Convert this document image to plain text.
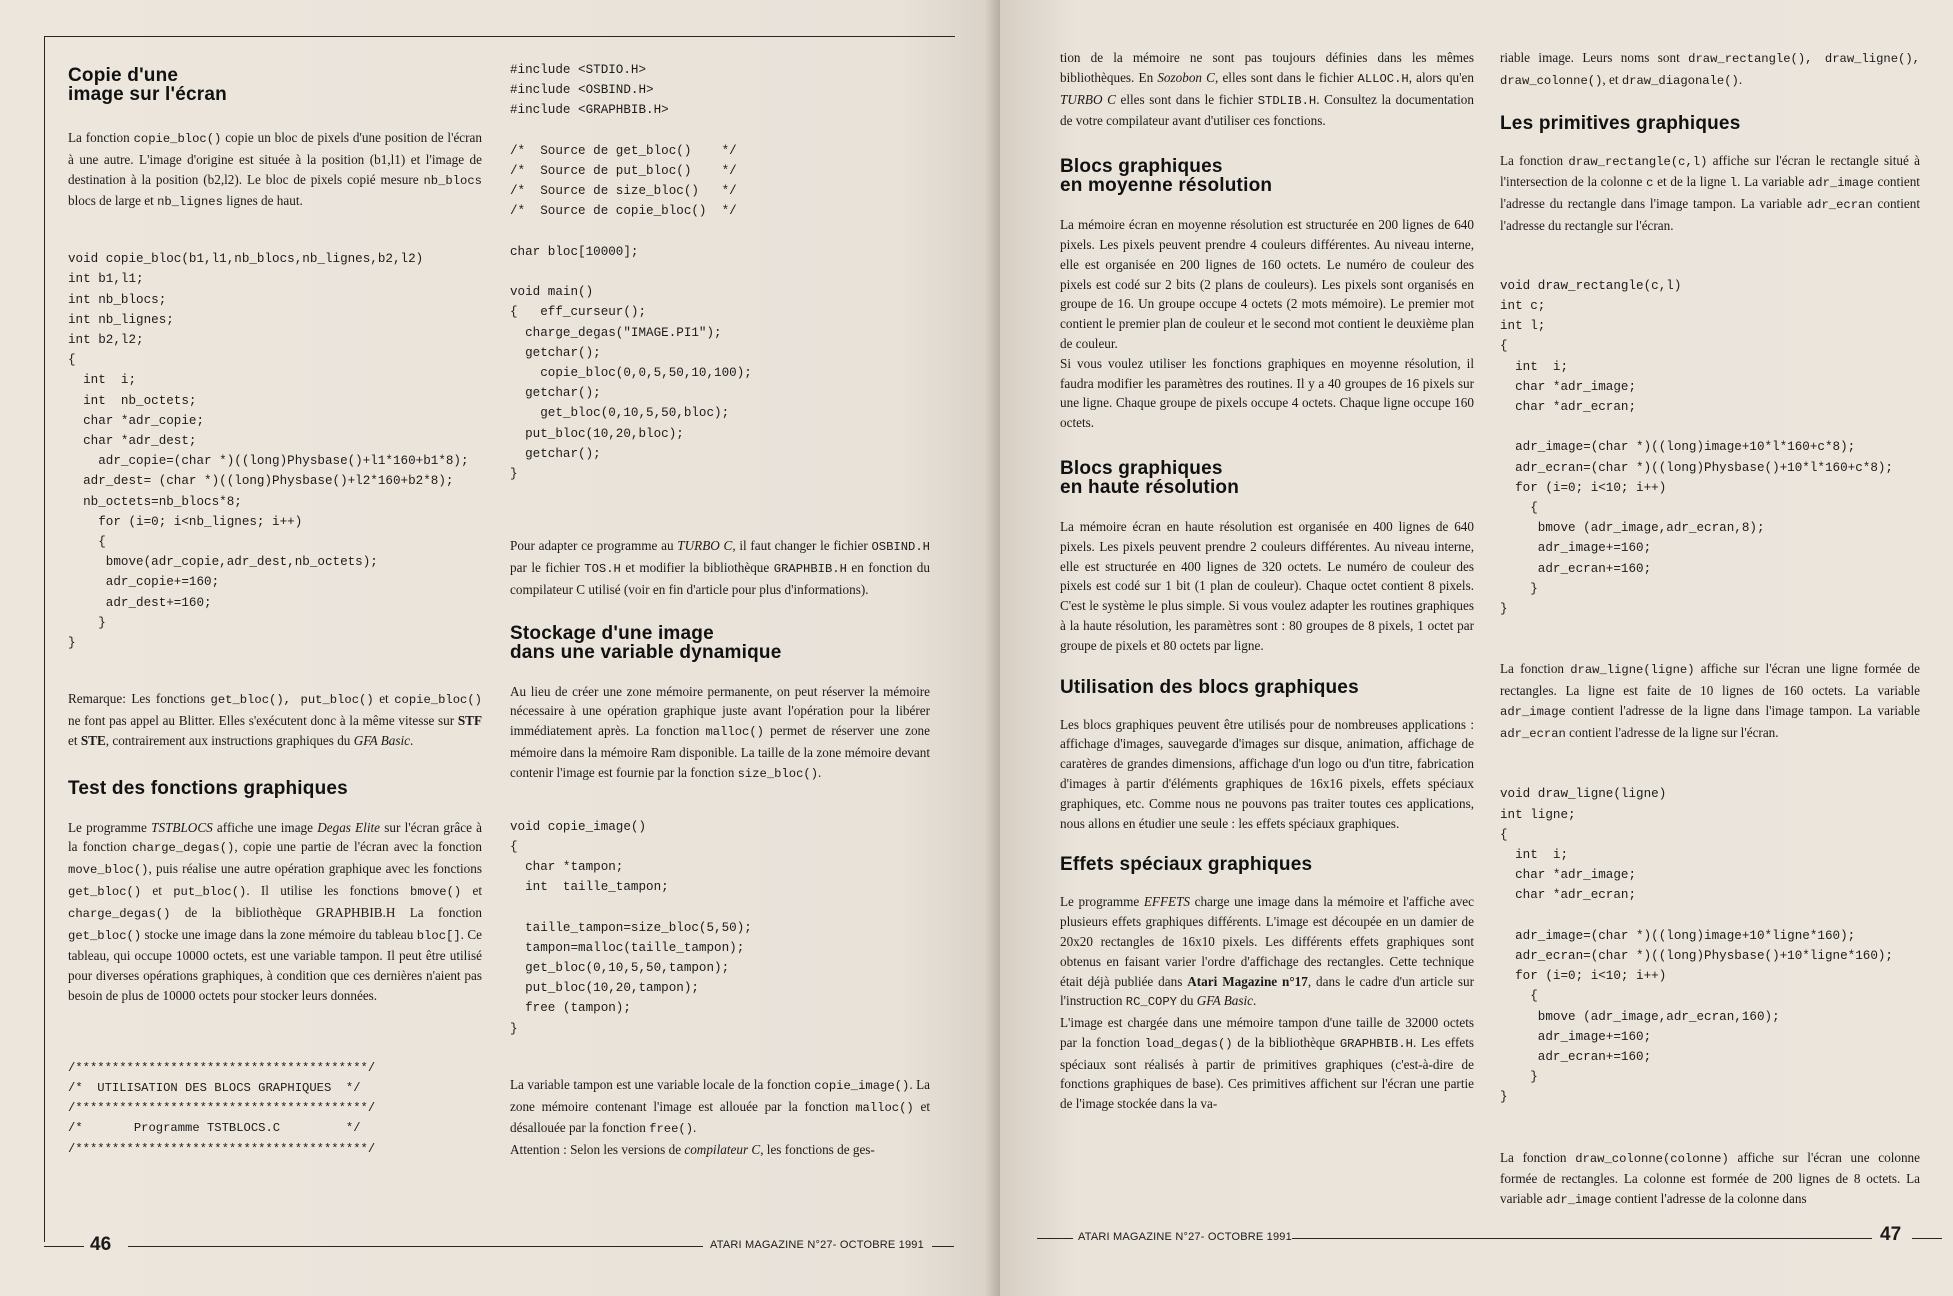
Copie d'une
image sur l'écran

La fonction copie_bloc() copie un bloc de pixels d'une position de l'écran à une autre. L'image d'origine est située à la position (b1,l1) et l'image de destination à la position (b2,l2). Le bloc de pixels copié mesure nb_blocs blocs de large et nb_lignes lignes de haut.

void copie_bloc(b1,l1,nb_blocs,nb_lignes,b2,l2)
int b1,l1;
int nb_blocs;
int nb_lignes;
int b2,l2;
{
int  i;
int  nb_octets;
char *adr_copie;
char *adr_dest;
adr_copie=(char *)((long)Physbase()+l1*160+b1*8);
adr_dest= (char *)((long)Physbase()+l2*160+b2*8);
nb_octets=nb_blocs*8;
for (i=0; i<nb_lignes; i++)
{
bmove(adr_copie,adr_dest,nb_octets);
adr_copie+=160;
adr_dest+=160;
}
}

Remarque: Les fonctions get_bloc(), put_bloc() et copie_bloc() ne font pas appel au Blitter. Elles s'exécutent donc à la même vitesse sur STF et STE, contrairement aux instructions graphiques du GFA Basic.

Test des fonctions graphiques

Le programme TSTBLOCS affiche une image Degas Elite sur l'écran grâce à la fonction charge_degas(), copie une partie de l'écran avec la fonction move_bloc(), puis réalise une autre opération graphique avec les fonctions get_bloc() et put_bloc(). Il utilise les fonctions bmove() et charge_degas() de la bibliothèque GRAPHBIB.H La fonction get_bloc() stocke une image dans la zone mémoire du tableau bloc[]. Ce tableau, qui occupe 10000 octets, est une variable tampon. Il peut être utilisé pour diverses opérations graphiques, à condition que ces dernières n'aient pas besoin de plus de 10000 octets pour stocker leurs données.

/****************************************/
/*  UTILISATION DES BLOCS GRAPHIQUES  */
/****************************************/
/*       Programme TSTBLOCS.C         */
/****************************************/
#include <STDIO.H>
#include <OSBIND.H>
#include <GRAPHBIB.H>

/*  Source de get_bloc()    */
/*  Source de put_bloc()    */
/*  Source de size_bloc()   */
/*  Source de copie_bloc()  */

char bloc[10000];

void main()
{   eff_curseur();
charge_degas("IMAGE.PI1");
getchar();
copie_bloc(0,0,5,50,10,100);
getchar();
get_bloc(0,10,5,50,bloc);
put_bloc(10,20,bloc);
getchar();
}

Pour adapter ce programme au TURBO C, il faut changer le fichier OSBIND.H par le fichier TOS.H et modifier la bibliothèque GRAPHBIB.H en fonction du compilateur C utilisé (voir en fin d'article pour plus d'informations).

Stockage d'une image
dans une variable dynamique

Au lieu de créer une zone mémoire permanente, on peut réserver la mémoire nécessaire à une opération graphique juste avant l'opération pour la libérer immédiatement après. La fonction malloc() permet de réserver une zone mémoire dans la mémoire Ram disponible. La taille de la zone mémoire devant contenir l'image est fournie par la fonction size_bloc().

void copie_image()
{
char *tampon;
int  taille_tampon;

taille_tampon=size_bloc(5,50);
tampon=malloc(taille_tampon);
get_bloc(0,10,5,50,tampon);
put_bloc(10,20,tampon);
free (tampon);
}

La variable tampon est une variable locale de la fonction copie_image(). La zone mémoire contenant l'image est allouée par la fonction malloc() et désallouée par la fonction free().

Attention : Selon les versions de compilateur C, les fonctions de ges-

46	ATARI MAGAZINE N°27- OCTOBRE 1991

tion de la mémoire ne sont pas toujours définies dans les mêmes bibliothèques. En Sozobon C, elles sont dans le fichier ALLOC.H, alors qu'en TURBO C elles sont dans le fichier STDLIB.H. Consultez la documentation de votre compilateur avant d'utiliser ces fonctions.

Blocs graphiques
en moyenne résolution

La mémoire écran en moyenne résolution est structurée en 200 lignes de 640 pixels. Les pixels peuvent prendre 4 couleurs différentes. Au niveau interne, elle est organisée en 200 lignes de 160 octets. Le numéro de couleur des pixels est codé sur 2 bits (2 plans de couleurs). Les pixels sont organisés en groupe de 16. Un groupe occupe 4 octets (2 mots mémoire). Le premier mot contient le premier plan de couleur et le second mot contient le deuxième plan de couleur.

Si vous voulez utiliser les fonctions graphiques en moyenne résolution, il faudra modifier les paramètres des routines. Il y a 40 groupes de 16 pixels sur une ligne. Chaque groupe de pixels occupe 4 octets. Chaque ligne occupe 160 octets.

Blocs graphiques
en haute résolution

La mémoire écran en haute résolution est organisée en 400 lignes de 640 pixels. Les pixels peuvent prendre 2 couleurs différentes. Au niveau interne, elle est structurée en 400 lignes de 320 octets. Le numéro de couleur des pixels est codé sur 1 bit (1 plan de couleur). Chaque octet contient 8 pixels. C'est le système le plus simple. Si vous voulez adapter les routines graphiques à la haute résolution, les paramètres sont : 80 groupes de 8 pixels, 1 octet par groupe de pixels et 80 octets par ligne.

Utilisation des blocs graphiques

Les blocs graphiques peuvent être utilisés pour de nombreuses applications : affichage d'images, sauvegarde d'images sur disque, animation, affichage de caratères de grandes dimensions, affichage d'un logo ou d'un titre, fabrication d'images à partir d'éléments graphiques de 16x16 pixels, effets spéciaux graphiques, etc. Comme nous ne pouvons pas traiter toutes ces applications, nous allons en étudier une seule : les effets spéciaux graphiques.

Effets spéciaux graphiques

Le programme EFFETS charge une image dans la mémoire et l'affiche avec plusieurs effets graphiques différents. L'image est découpée en un damier de 20x20 rectangles de 16x10 pixels. Les différents effets graphiques sont obtenus en faisant varier l'ordre d'affichage des rectangles. Cette technique était déjà publiée dans Atari Magazine n°17, dans le cadre d'un article sur l'instruction RC_COPY du GFA Basic.

L'image est chargée dans une mémoire tampon d'une taille de 32000 octets par la fonction load_degas() de la bibliothèque GRAPHBIB.H. Les effets spéciaux sont réalisés à partir de primitives graphiques (c'est-à-dire de fonctions graphiques de base). Ces primitives affichent sur l'écran une partie de l'image stockée dans la va-

riable image. Leurs noms sont draw_rectangle(), draw_ligne(), draw_colonne(), et draw_diagonale().

Les primitives graphiques

La fonction draw_rectangle(c,l) affiche sur l'écran le rectangle situé à l'intersection de la colonne c et de la ligne l. La variable adr_image contient l'adresse du rectangle dans l'image tampon. La variable adr_ecran contient l'adresse du rectangle sur l'écran.

void draw_rectangle(c,l)
int c;
int l;
{
int  i;
char *adr_image;
char *adr_ecran;

adr_image=(char *)((long)image+10*l*160+c*8);
adr_ecran=(char *)((long)Physbase()+10*l*160+c*8);
for (i=0; i<10; i++)
{
bmove (adr_image,adr_ecran,8);
adr_image+=160;
adr_ecran+=160;
}
}

La fonction draw_ligne(ligne) affiche sur l'écran une ligne formée de rectangles. La ligne est faite de 10 lignes de 160 octets. La variable adr_image contient l'adresse de la ligne dans l'image tampon. La variable adr_ecran contient l'adresse de la ligne sur l'écran.

void draw_ligne(ligne)
int ligne;
{
int  i;
char *adr_image;
char *adr_ecran;

adr_image=(char *)((long)image+10*ligne*160);
adr_ecran=(char *)((long)Physbase()+10*ligne*160);
for (i=0; i<10; i++)
{
bmove (adr_image,adr_ecran,160);
adr_image+=160;
adr_ecran+=160;
}
}

La fonction draw_colonne(colonne) affiche sur l'écran une colonne formée de rectangles. La colonne est formée de 200 lignes de 8 octets. La variable adr_image contient l'adresse de la colonne dans

ATARI MAGAZINE N°27- OCTOBRE 1991	47
